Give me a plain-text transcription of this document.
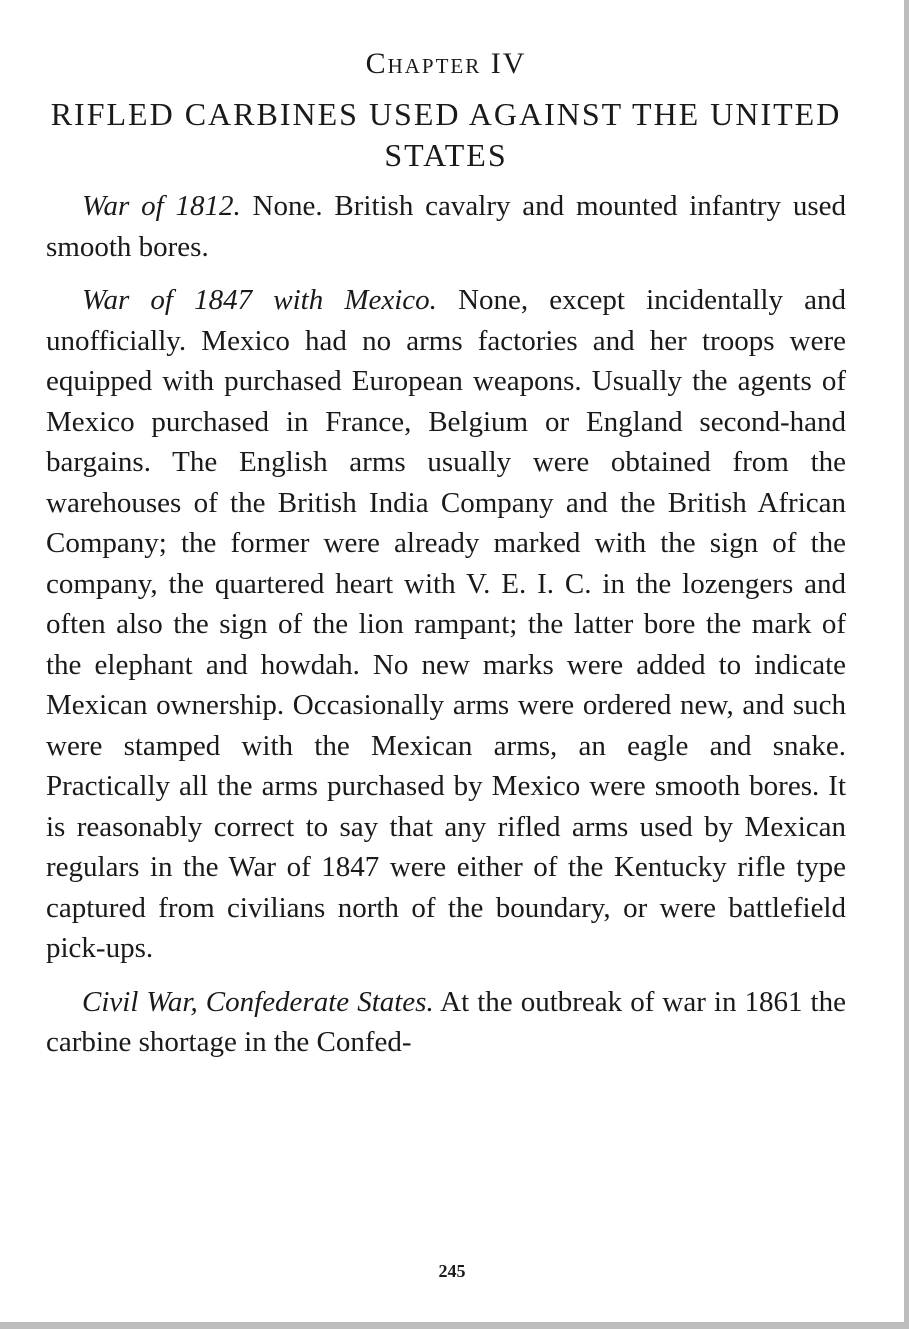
Chapter IV
RIFLED CARBINES USED AGAINST THE UNITED STATES

War of 1812. None. British cavalry and mounted infantry used smooth bores.

War of 1847 with Mexico. None, except incidentally and unofficially. Mexico had no arms factories and her troops were equipped with purchased European weapons. Usually the agents of Mexico purchased in France, Belgium or England second-hand bargains. The English arms usually were obtained from the warehouses of the British India Company and the British African Company; the former were already marked with the sign of the company, the quartered heart with V. E. I. C. in the lozengers and often also the sign of the lion rampant; the latter bore the mark of the elephant and howdah. No new marks were added to indicate Mexican ownership. Occasionally arms were ordered new, and such were stamped with the Mexican arms, an eagle and snake. Practically all the arms purchased by Mexico were smooth bores. It is reasonably correct to say that any rifled arms used by Mexican regulars in the War of 1847 were either of the Kentucky rifle type captured from civilians north of the boundary, or were battlefield pick-ups.

Civil War, Confederate States. At the outbreak of war in 1861 the carbine shortage in the Confed-

245
